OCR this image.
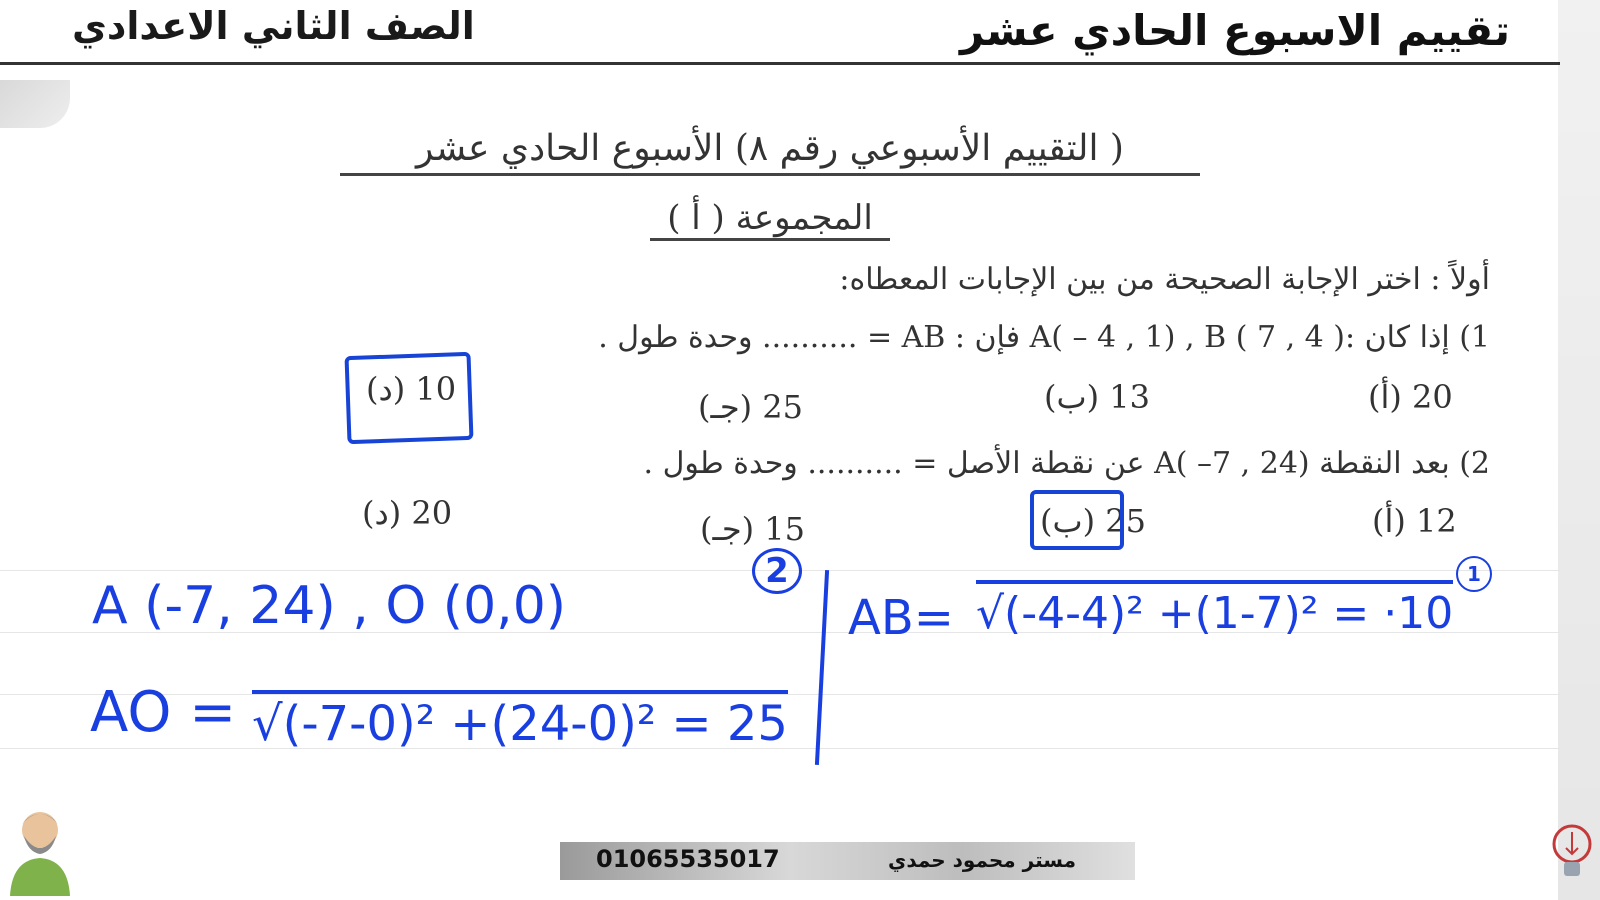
تقييم الاسبوع الحادي عشر
الصف الثاني الاعدادي
( التقييم الأسبوعي رقم ٨) الأسبوع الحادي عشر
المجموعة ( أ )
أولاً : اختر الإجابة الصحيحة من بين الإجابات المعطاه:
1) إذا كان :( 4 , 7 ) A( – 4 , 1) , B فإن : AB = .......... وحدة طول .
20 (أ)
13 (ب)
25 (جـ)
10 (د)
2) بعد النقطة (24 , 7– )A عن نقطة الأصل = .......... وحدة طول .
12 (أ)
25 (ب)
15 (جـ)
20 (د)
2	1
A (-7, 24) , O (0,0)
AO = √(-7-0)² +(24-0)² = 25
AB= √(-4-4)² +(1-7)² = ·10
01065535017	مستر محمود حمدي
